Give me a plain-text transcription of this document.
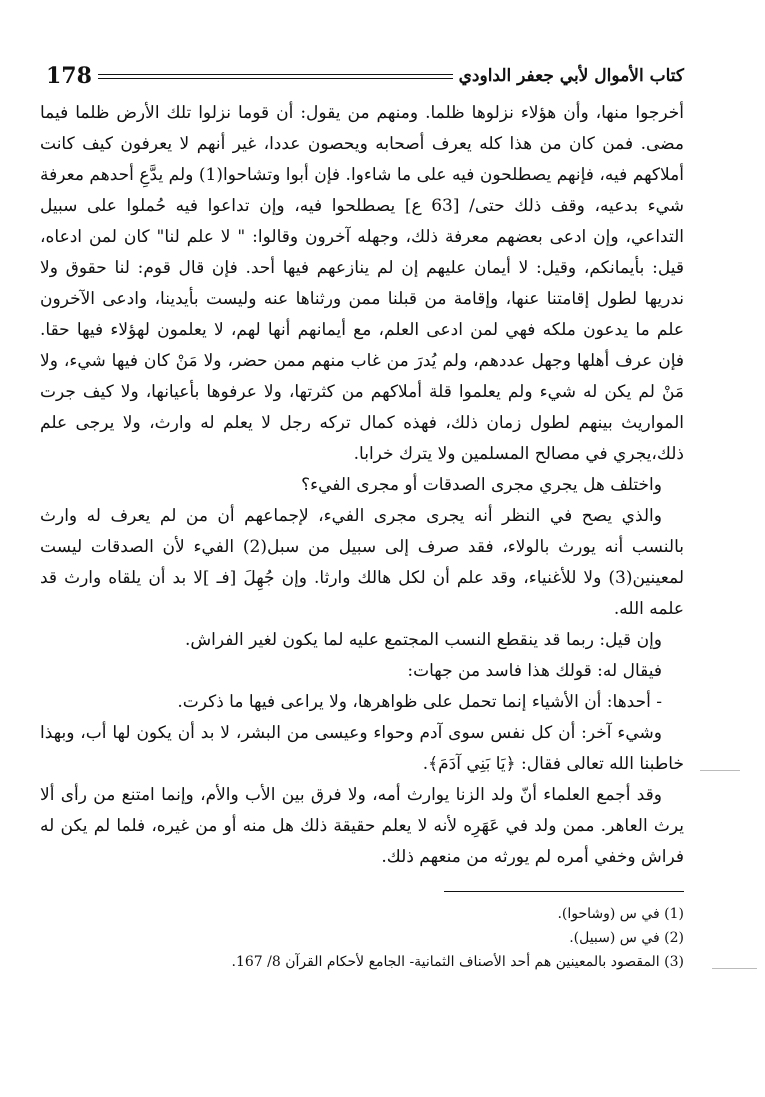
كتاب الأموال لأبي جعفر الداودي
178

أخرجوا منها، وأن هؤلاء نزلوها ظلما. ومنهم من يقول: أن قوما نزلوا تلك الأرض ظلما فيما مضى. فمن كان من هذا كله يعرف أصحابه ويحصون عددا، غير أنهم لا يعرفون كيف كانت أملاكهم فيه، فإنهم يصطلحون فيه على ما شاءوا. فإن أبوا وتشاحوا(1) ولم يدَّعِ أحدهم معرفة شيء بدعيه، وقف ذلك حتى/ [63 ع] يصطلحوا فيه، وإن تداعوا فيه حُملوا على سبيل التداعي، وإن ادعى بعضهم معرفة ذلك، وجهله آخرون وقالوا: " لا علم لنا" كان لمن ادعاه، قيل: بأيمانكم، وقيل: لا أيمان عليهم إن لم ينازعهم فيها أحد. فإن قال قوم: لنا حقوق ولا ندريها لطول إقامتنا عنها، وإقامة من قبلنا ممن ورثناها عنه وليست بأيدينا، وادعى الآخرون علم ما يدعون ملكه فهي لمن ادعى العلم، مع أيمانهم أنها لهم، لا يعلمون لهؤلاء فيها حقا. فإن عرف أهلها وجهل عددهم، ولم يُدرَ من غاب منهم ممن حضر، ولا مَنْ كان فيها شيء، ولا مَنْ لم يكن له شيء ولم يعلموا قلة أملاكهم من كثرتها، ولا عرفوها بأعيانها، ولا كيف جرت المواريث بينهم لطول زمان ذلك، فهذه كمال تركه رجل لا يعلم له وارث، ولا يرجى علم ذلك،يجري في مصالح المسلمين ولا يترك خرابا.

واختلف هل يجري مجرى الصدقات أو مجرى الفيء؟

والذي يصح في النظر أنه يجرى مجرى الفيء، لإجماعهم أن من لم يعرف له وارث بالنسب أنه يورث بالولاء، فقد صرف إلى سبيل من سبل(2) الفيء لأن الصدقات ليست لمعينين(3) ولا للأغنياء، وقد علم أن لكل هالك وارثا. وإن جُهِلَ [فـ ]لا بد أن يلقاه وارث قد علمه الله.

وإن قيل: ربما قد ينقطع النسب المجتمع عليه لما يكون لغير الفراش.

فيقال له: قولك هذا فاسد من جهات:

- أحدها: أن الأشياء إنما تحمل على ظواهرها، ولا يراعى فيها ما ذكرت.

وشيء آخر: أن كل نفس سوى آدم وحواء وعيسى من البشر، لا بد أن يكون لها أب، وبهذا خاطبنا الله تعالى فقال: ﴿يَا بَنِي آدَمَ﴾.

وقد أجمع العلماء أنّ ولد الزنا يوارث أمه، ولا فرق بين الأب والأم، وإنما امتنع من رأى ألا يرث العاهر. ممن ولد في عَهَرِه لأنه لا يعلم حقيقة ذلك هل منه أو من غيره، فلما لم يكن له فراش وخفي أمره لم يورثه من منعهم ذلك.

(1) في س (وشاحوا).

(2) في س (سبيل).

(3) المقصود بالمعينين هم أحد الأصناف الثمانية- الجامع لأحكام القرآن 8/ 167.
